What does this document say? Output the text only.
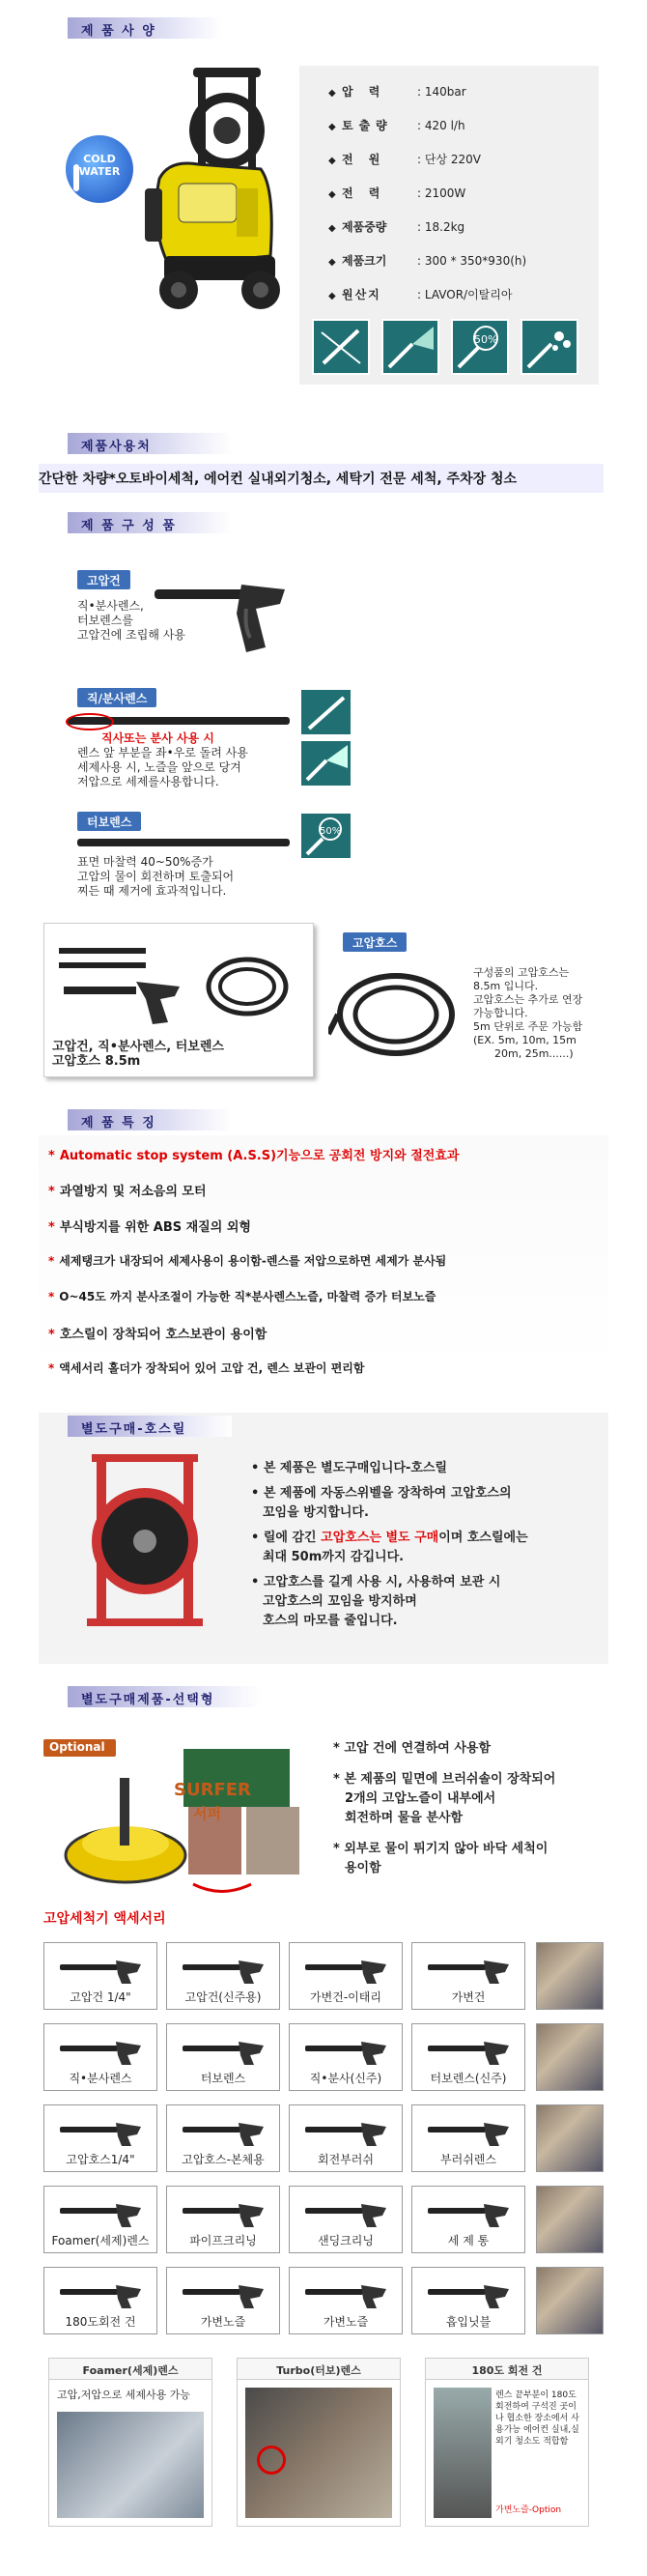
제 품 사 양
COLD
WATER
◆ 압 력	: 140bar
◆ 토출량 : 420 l/h
◆ 전 원	: 단상 220V
◆ 전 력	: 2100W
◆ 제품중량	: 18.2kg
◆ 제품크기	: 300 * 350*930(h)
◆ 원산지	: LAVOR/이탈리아
50%
제품사용처
간단한 차량*오토바이세척, 에어컨 실내외기청소, 세탁기 전문 세척, 주차장 청소
제 품 구 성 품
고압건
직•분사렌스,
터보렌스를
고압건에 조립해 사용
직/분사렌스
직사또는 분사 사용 시
렌스 앞 부분을 좌•우로 돌려 사용
세제사용 시, 노즐을 앞으로 당겨
저압으로 세제를사용합니다.
터보렌스
50%
표면 마찰력 40~50%증가
고압의 물이 회전하며 토출되어
찌든 때 제거에 효과적입니다.
고압건, 직•분사렌스, 터보렌스
고압호스 8.5m
고압호스
구성품의 고압호스는
8.5m 입니다.
고압호스는 추가로 연장
가능합니다.
5m 단위로 주문 가능함
(EX. 5m, 10m, 15m
20m, 25m......)
제 품 특 징
* Automatic stop system (A.S.S)기능으로 공회전 방지와 절전효과
* 과열방지 및 저소음의 모터
* 부식방지를 위한 ABS 재질의 외형
* 세제탱크가 내장되어 세제사용이 용이함-렌스를 저압으로하면 세제가 분사됨
* O~45도 까지 분사조절이 가능한 직*분사렌스노즐, 마찰력 증가 터보노즐
* 호스릴이 장착되어 호스보관이 용이함
* 액세서리 홀더가 장착되어 있어 고압 건, 렌스 보관이 편리함
별도구매-호스릴
• 본 제품은 별도구매입니다-호스릴
• 본 제품에 자동스위벨을 장착하여 고압호스의
꼬임을 방지합니다.
• 릴에 감긴 고압호스는 별도 구매이며 호스릴에는
최대 50m까지 감깁니다.
• 고압호스를 길게 사용 시, 사용하여 보관 시
고압호스의 꼬임을 방지하며
호스의 마모를 줄입니다.
별도구매제품-선택형
Optional
SURFER
서퍼
* 고압 건에 연결하여 사용함
* 본 제품의 밑면에 브러쉬솔이 장착되어
2개의 고압노즐이 내부에서
회전하며 물을 분사함
* 외부로 물이 튀기지 않아 바닥 세척이
용이함
고압세척기 액세서리
고압건 1/4"	고압건(신주용)	가변건-이태리	가변건
직•분사렌스	터보렌스	직•분사(신주)	터보렌스(신주)
고압호스1/4"	고압호스-본체용	회전부러쉬	부러쉬렌스
Foamer(세제)렌스	파이프크리닝	샌딩크리닝	세 제 통
180도회전 건	가변노즐	가변노즐	흡입닛블
Foamer(세제)렌스
고압,저압으로 세제사용 가능
Turbo(터보)렌스	180도 회전 건
렌스 끝부분이 180도 회전하여 구석진 곳이나 협소한 장소에서 사용가능 에어컨 실내,실외기 청소도 적합함
가변노즐-Option
